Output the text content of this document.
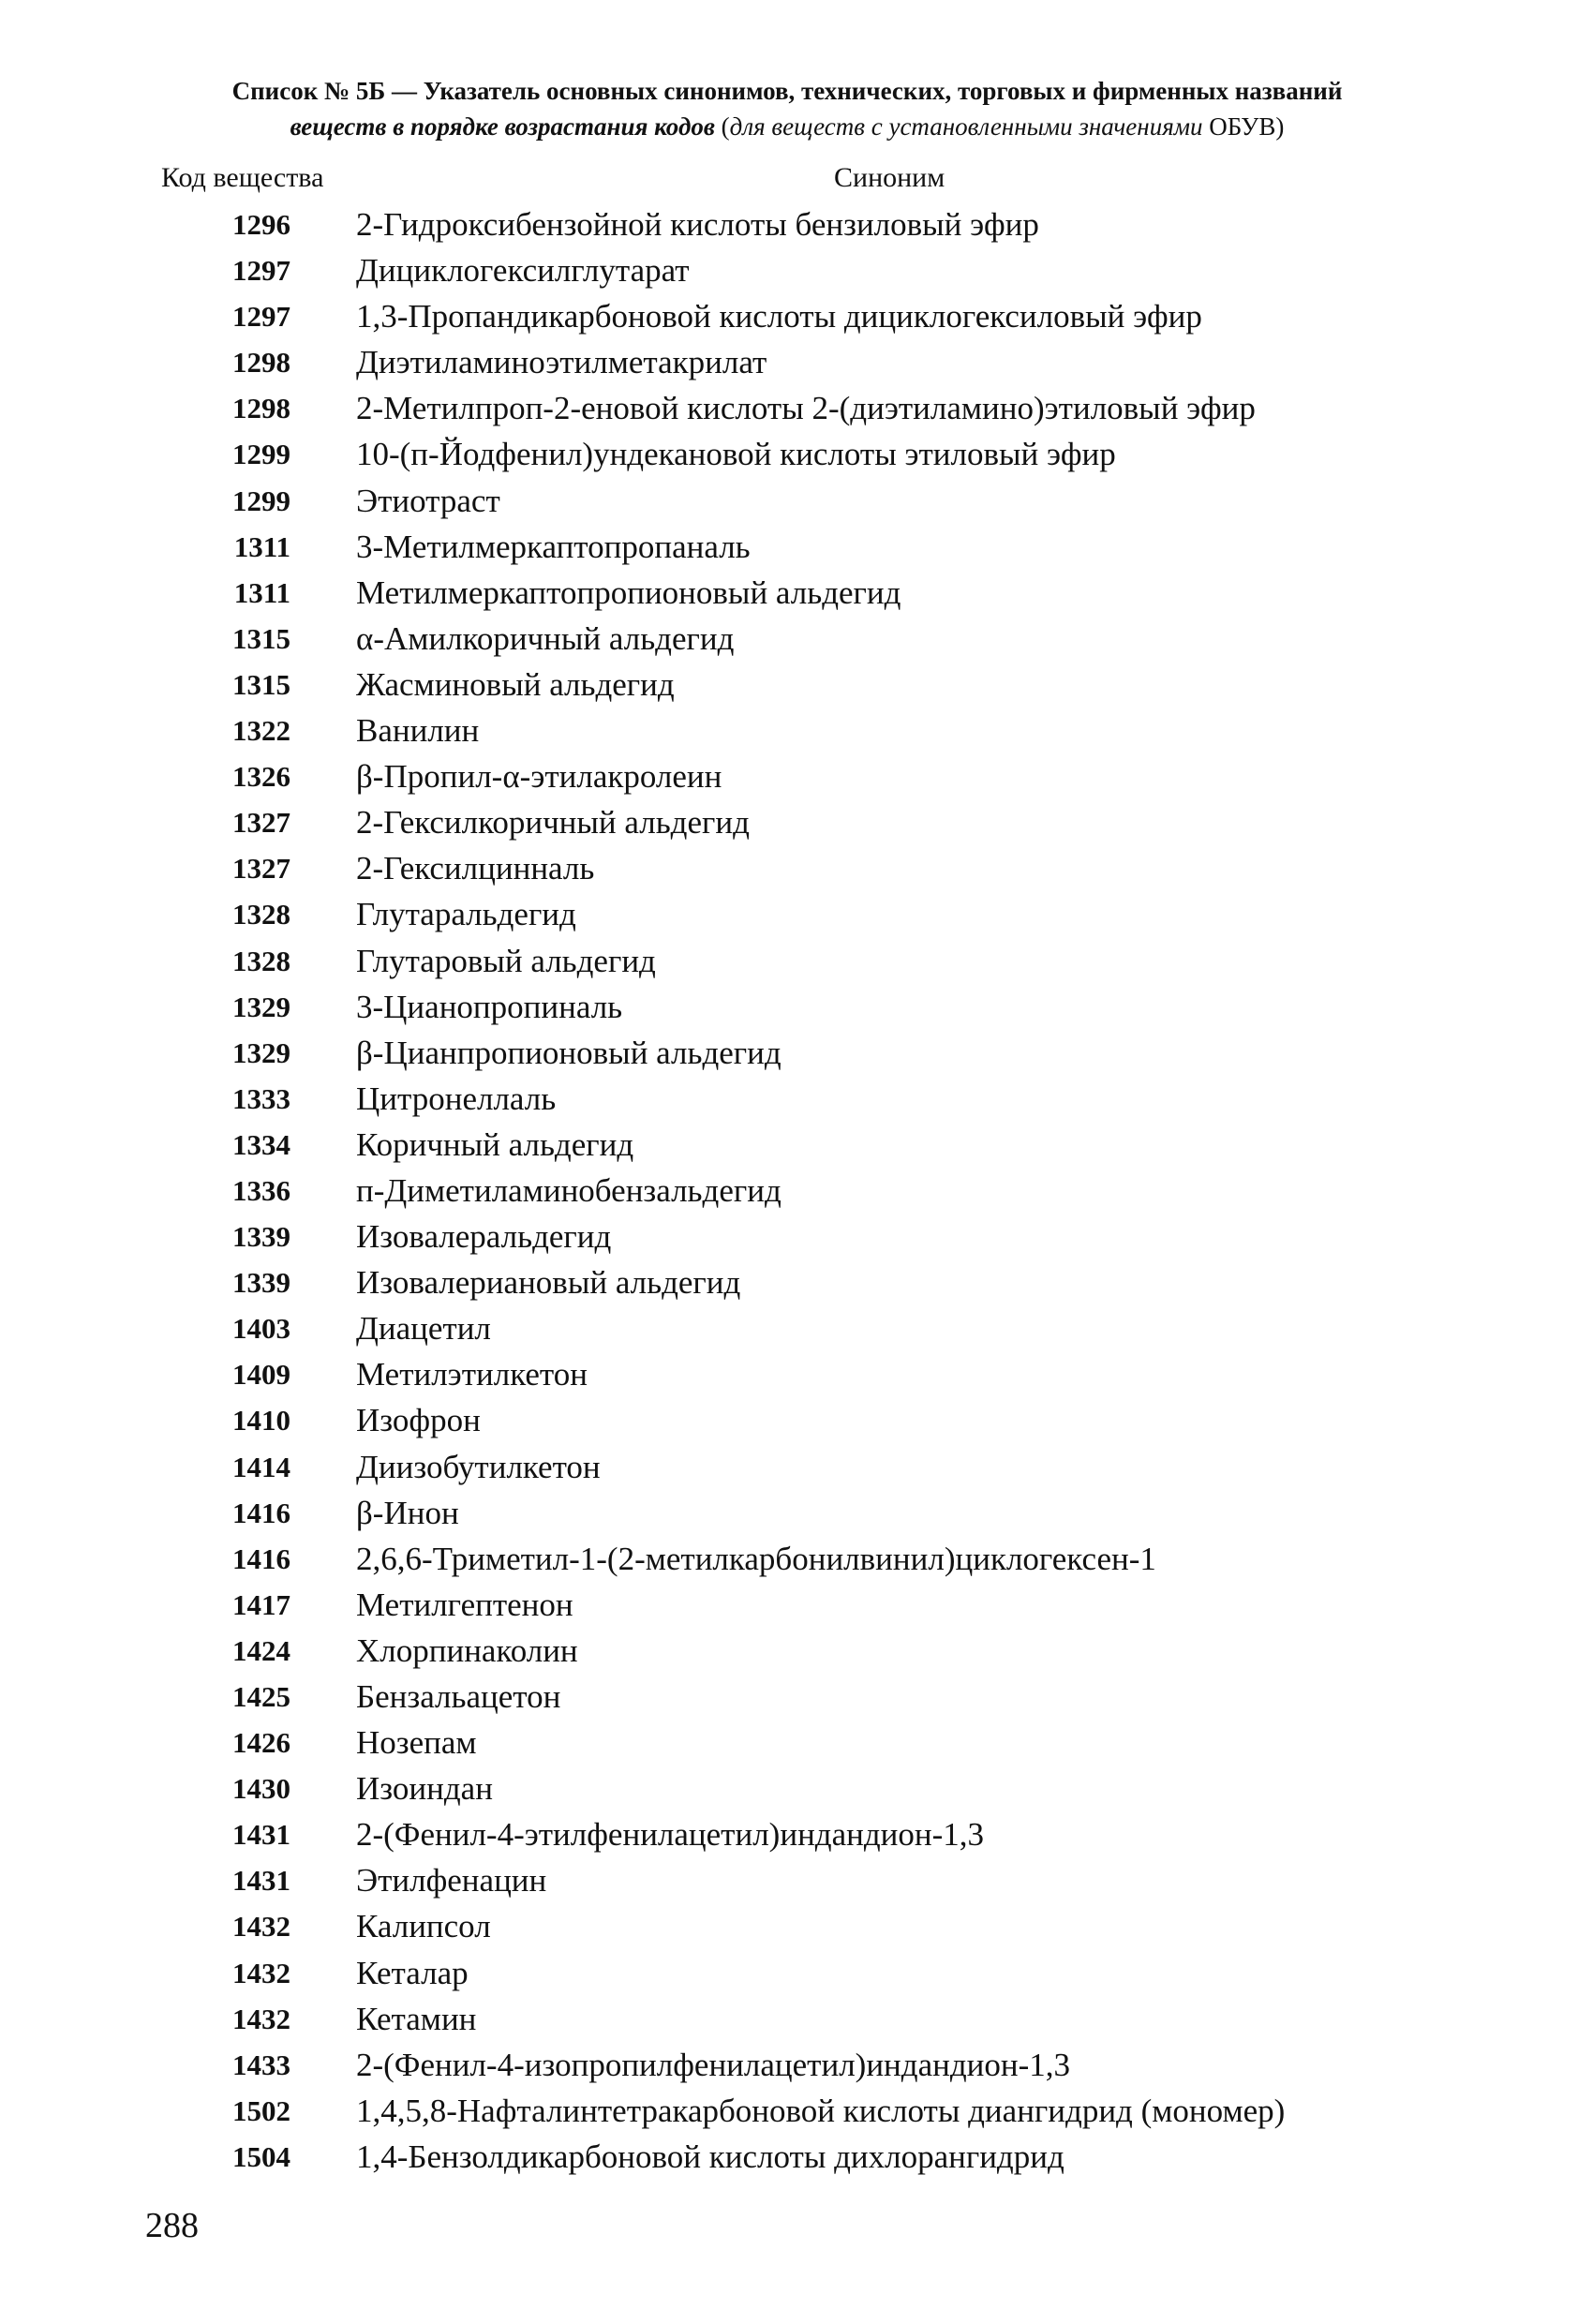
Список № 5Б — Указатель основных синонимов, технических, торговых и фирменных названий
веществ в порядке возрастания кодов (для веществ с установленными значениями ОБУВ)
Код вещества	Синоним
1296 2-Гидроксибензойной кислоты бензиловый эфир
1297 Дициклогексилглутарат
1297 1,3-Пропандикарбоновой кислоты дициклогексиловый эфир
1298 Диэтиламиноэтилметакрилат
1298 2-Метилпроп-2-еновой кислоты 2-(диэтиламино)этиловый эфир
1299 10-(п-Йодфенил)ундекановой кислоты этиловый эфир
1299 Этиотраст
1311 3-Метилмеркаптопропаналь
1311 Метилмеркаптопропионовый альдегид
1315 α-Амилкоричный альдегид
1315 Жасминовый альдегид
1322 Ванилин
1326 β-Пропил-α-этилакролеин
1327 2-Гексилкоричный альдегид
1327 2-Гексилцинналь
1328 Глутаральдегид
1328 Глутаровый альдегид
1329 3-Цианопропиналь
1329 β-Цианпропионовый альдегид
1333 Цитронеллаль
1334 Коричный альдегид
1336 п-Диметиламинобензальдегид
1339 Изовалеральдегид
1339 Изовалериановый альдегид
1403 Диацетил
1409 Метилэтилкетон
1410 Изофрон
1414 Диизобутилкетон
1416 β-Инон
1416 2,6,6-Триметил-1-(2-метилкарбонилвинил)циклогексен-1
1417 Метилгептенон
1424 Хлорпинаколин
1425 Бензальацетон
1426 Нозепам
1430 Изоиндан
1431 2-(Фенил-4-этилфенилацетил)индандион-1,3
1431 Этилфенацин
1432 Калипсол
1432 Кеталар
1432 Кетамин
1433 2-(Фенил-4-изопропилфенилацетил)индандион-1,3
1502 1,4,5,8-Нафталинтетракарбоновой кислоты диангидрид (мономер)
1504 1,4-Бензолдикарбоновой кислоты дихлорангидрид
288
